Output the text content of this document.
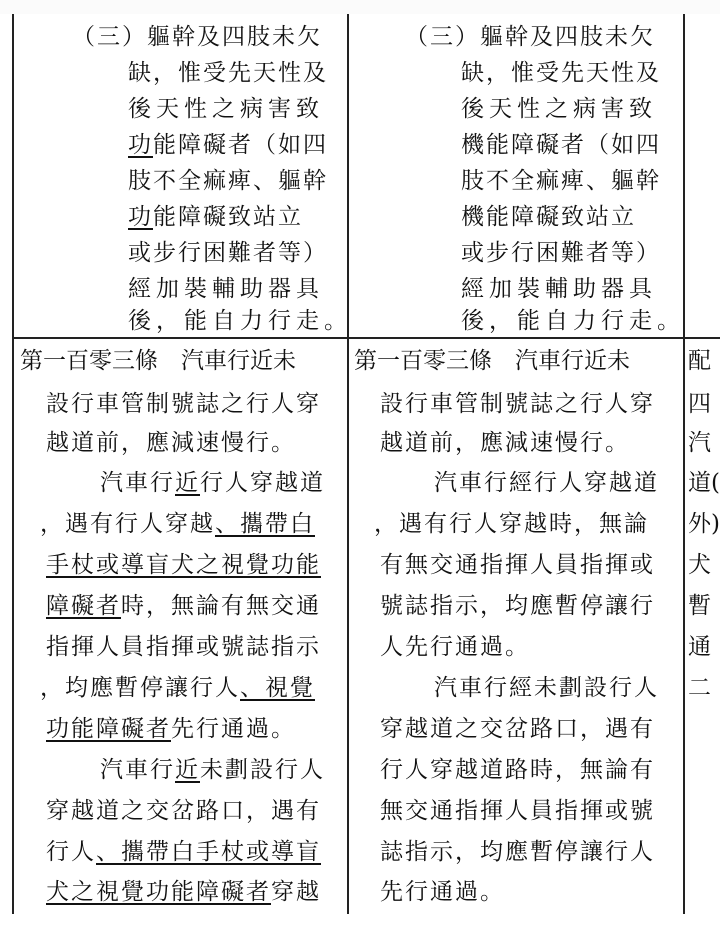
（三）軀幹及四肢未欠
缺，惟受先天性及
後天性之病害致
功能障礙者（如四
肢不全痲痺、軀幹
功能障礙致站立
或步行困難者等）
經加裝輔助器具
後，能自力行走。
（三）軀幹及四肢未欠
缺，惟受先天性及
後天性之病害致
機能障礙者（如四
肢不全痲痺、軀幹
機能障礙致站立
或步行困難者等）
經加裝輔助器具
後，能自力行走。
第一百零三條　汽車行近未
設行車管制號誌之行人穿
越道前，應減速慢行。
汽車行近行人穿越道
，遇有行人穿越、攜帶白
手杖或導盲犬之視覺功能
障礙者時，無論有無交通
指揮人員指揮或號誌指示
，均應暫停讓行人、視覺
功能障礙者先行通過。
汽車行近未劃設行人
穿越道之交岔路口，遇有
行人、攜帶白手杖或導盲
犬之視覺功能障礙者穿越
第一百零三條　汽車行近未
設行車管制號誌之行人穿
越道前，應減速慢行。
汽車行經行人穿越道
，遇有行人穿越時，無論
有無交通指揮人員指揮或
號誌指示，均應暫停讓行
人先行通過。
汽車行經未劃設行人
穿越道之交岔路口，遇有
行人穿越道路時，無論有
無交通指揮人員指揮或號
誌指示，均應暫停讓行人
先行通過。
配
四
汽
道(
外)
犬
暫
通
二
